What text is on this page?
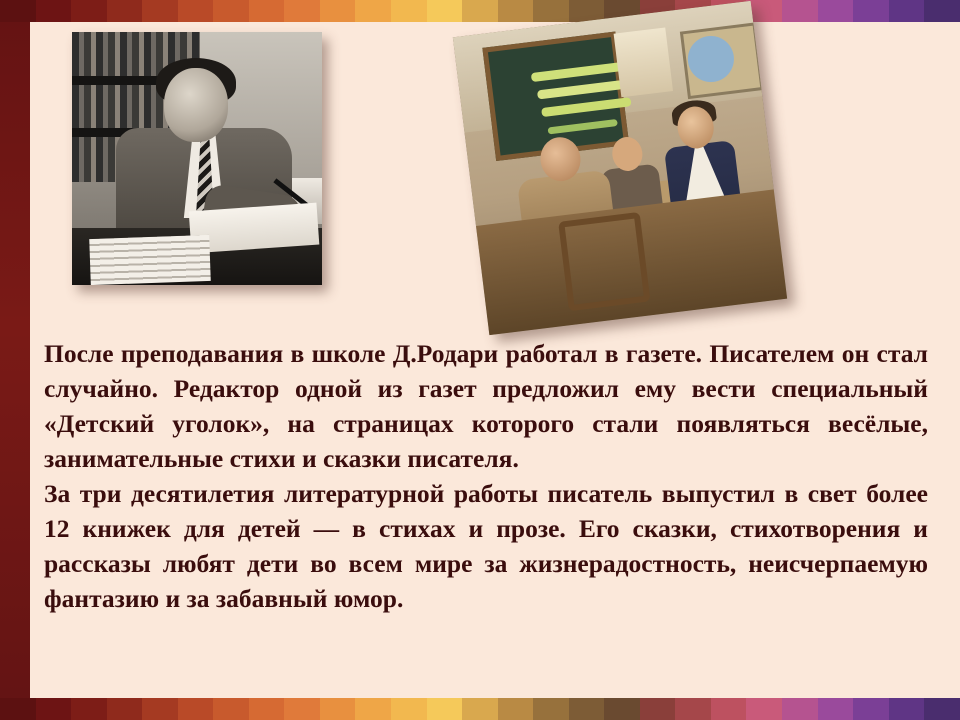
После преподавания в школе Д.Родари работал в газете. Писателем он стал случайно. Редактор одной из газет предложил ему вести специальный «Детский уголок», на страницах которого стали появляться весёлые, занимательные стихи и сказки писателя.

За три десятилетия литературной работы писатель выпустил в свет более 12 книжек для детей — в стихах и прозе. Его сказки, стихотворения и рассказы любят дети во всем мире за жизнерадостность, неисчерпаемую фантазию и за забавный юмор.
